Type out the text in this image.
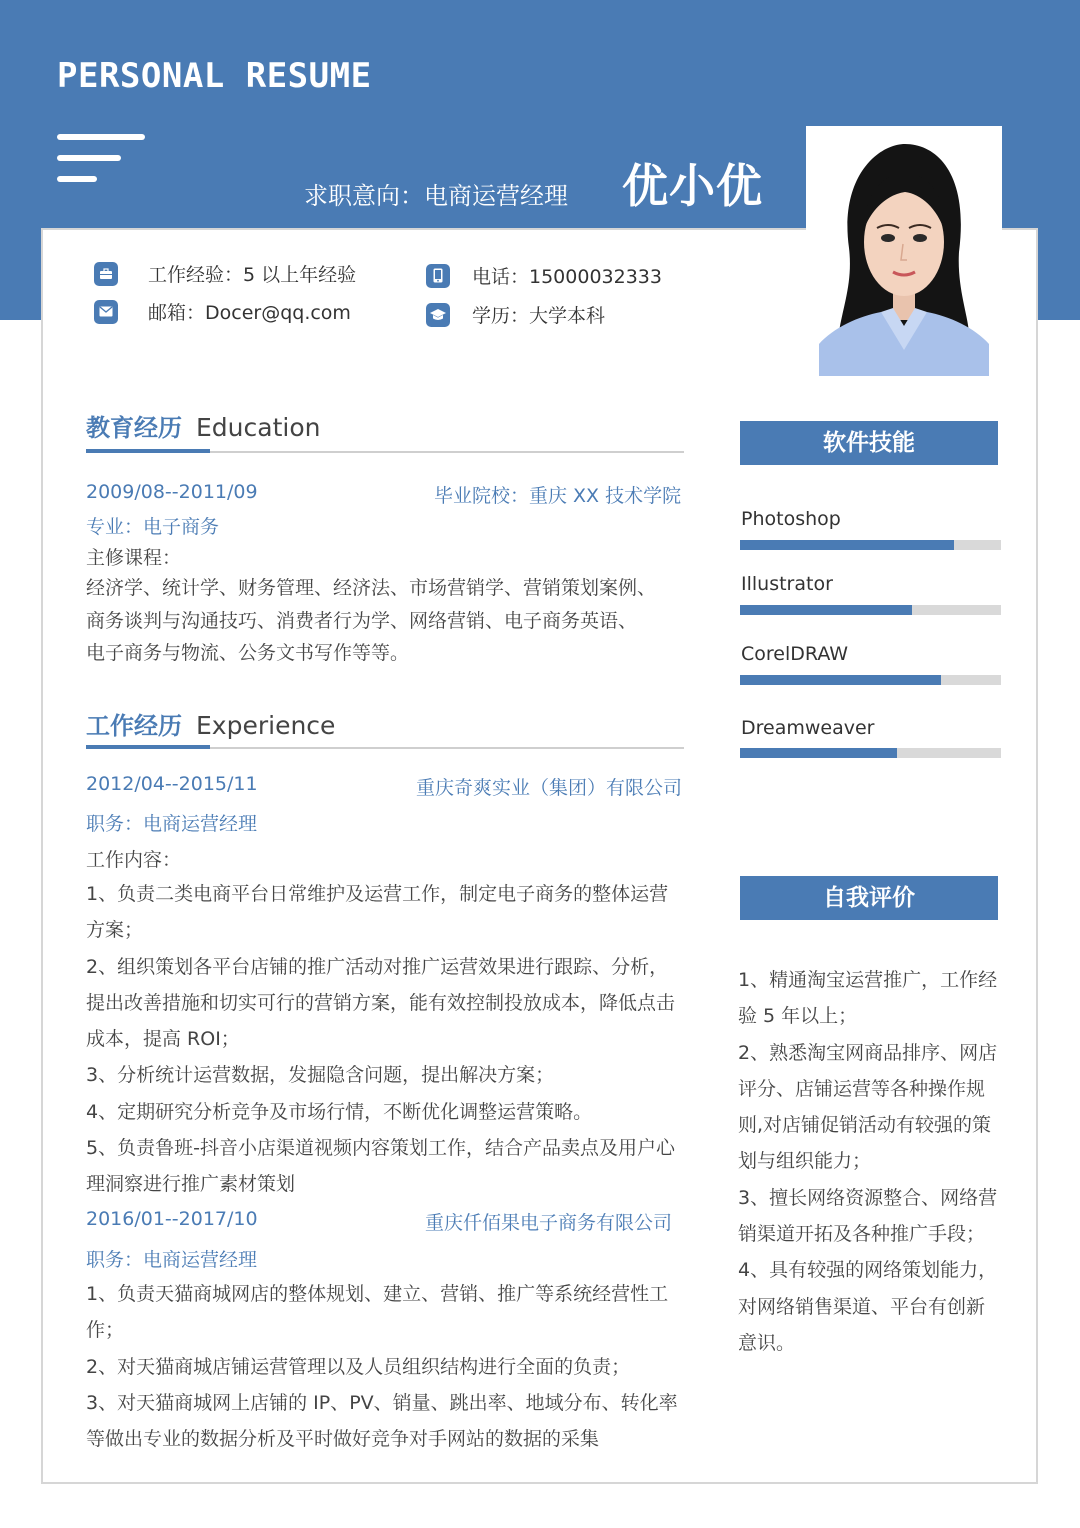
PERSONAL RESUME
求职意向：电商运营经理 优小优
工作经验：5 以上年经验
邮箱：Docer@qq.com
电话：15000032333
学历：大学本科
教育经历 Education
2009/08--2011/09	毕业院校：重庆 XX 技术学院
专业：电子商务
主修课程：
经济学、统计学、财务管理、经济法、市场营销学、营销策划案例、
商务谈判与沟通技巧、消费者行为学、网络营销、电子商务英语、
电子商务与物流、公务文书写作等等。
工作经历 Experience
2012/04--2015/11	重庆奇爽实业（集团）有限公司
职务：电商运营经理
工作内容：
1、负责二类电商平台日常维护及运营工作，制定电子商务的整体运营
方案；
2、组织策划各平台店铺的推广活动对推广运营效果进行跟踪、分析，
提出改善措施和切实可行的营销方案，能有效控制投放成本，降低点击
成本，提高 ROI；
3、分析统计运营数据，发掘隐含问题，提出解决方案；
4、定期研究分析竞争及市场行情，不断优化调整运营策略。
5、负责鲁班-抖音小店渠道视频内容策划工作，结合产品卖点及用户心
理洞察进行推广素材策划
2016/01--2017/10	重庆仟佰果电子商务有限公司
职务：电商运营经理
1、负责天猫商城网店的整体规划、建立、营销、推广等系统经营性工
作；
2、对天猫商城店铺运营管理以及人员组织结构进行全面的负责；
3、对天猫商城网上店铺的 IP、PV、销量、跳出率、地域分布、转化率
等做出专业的数据分析及平时做好竞争对手网站的数据的采集
软件技能
Photoshop
Illustrator
CorelDRAW
Dreamweaver
自我评价
1、精通淘宝运营推广，工作经
验 5 年以上；
2、熟悉淘宝网商品排序、网店
评分、店铺运营等各种操作规
则,对店铺促销活动有较强的策
划与组织能力；
3、擅长网络资源整合、网络营
销渠道开拓及各种推广手段；
4、具有较强的网络策划能力，
对网络销售渠道、平台有创新
意识。
